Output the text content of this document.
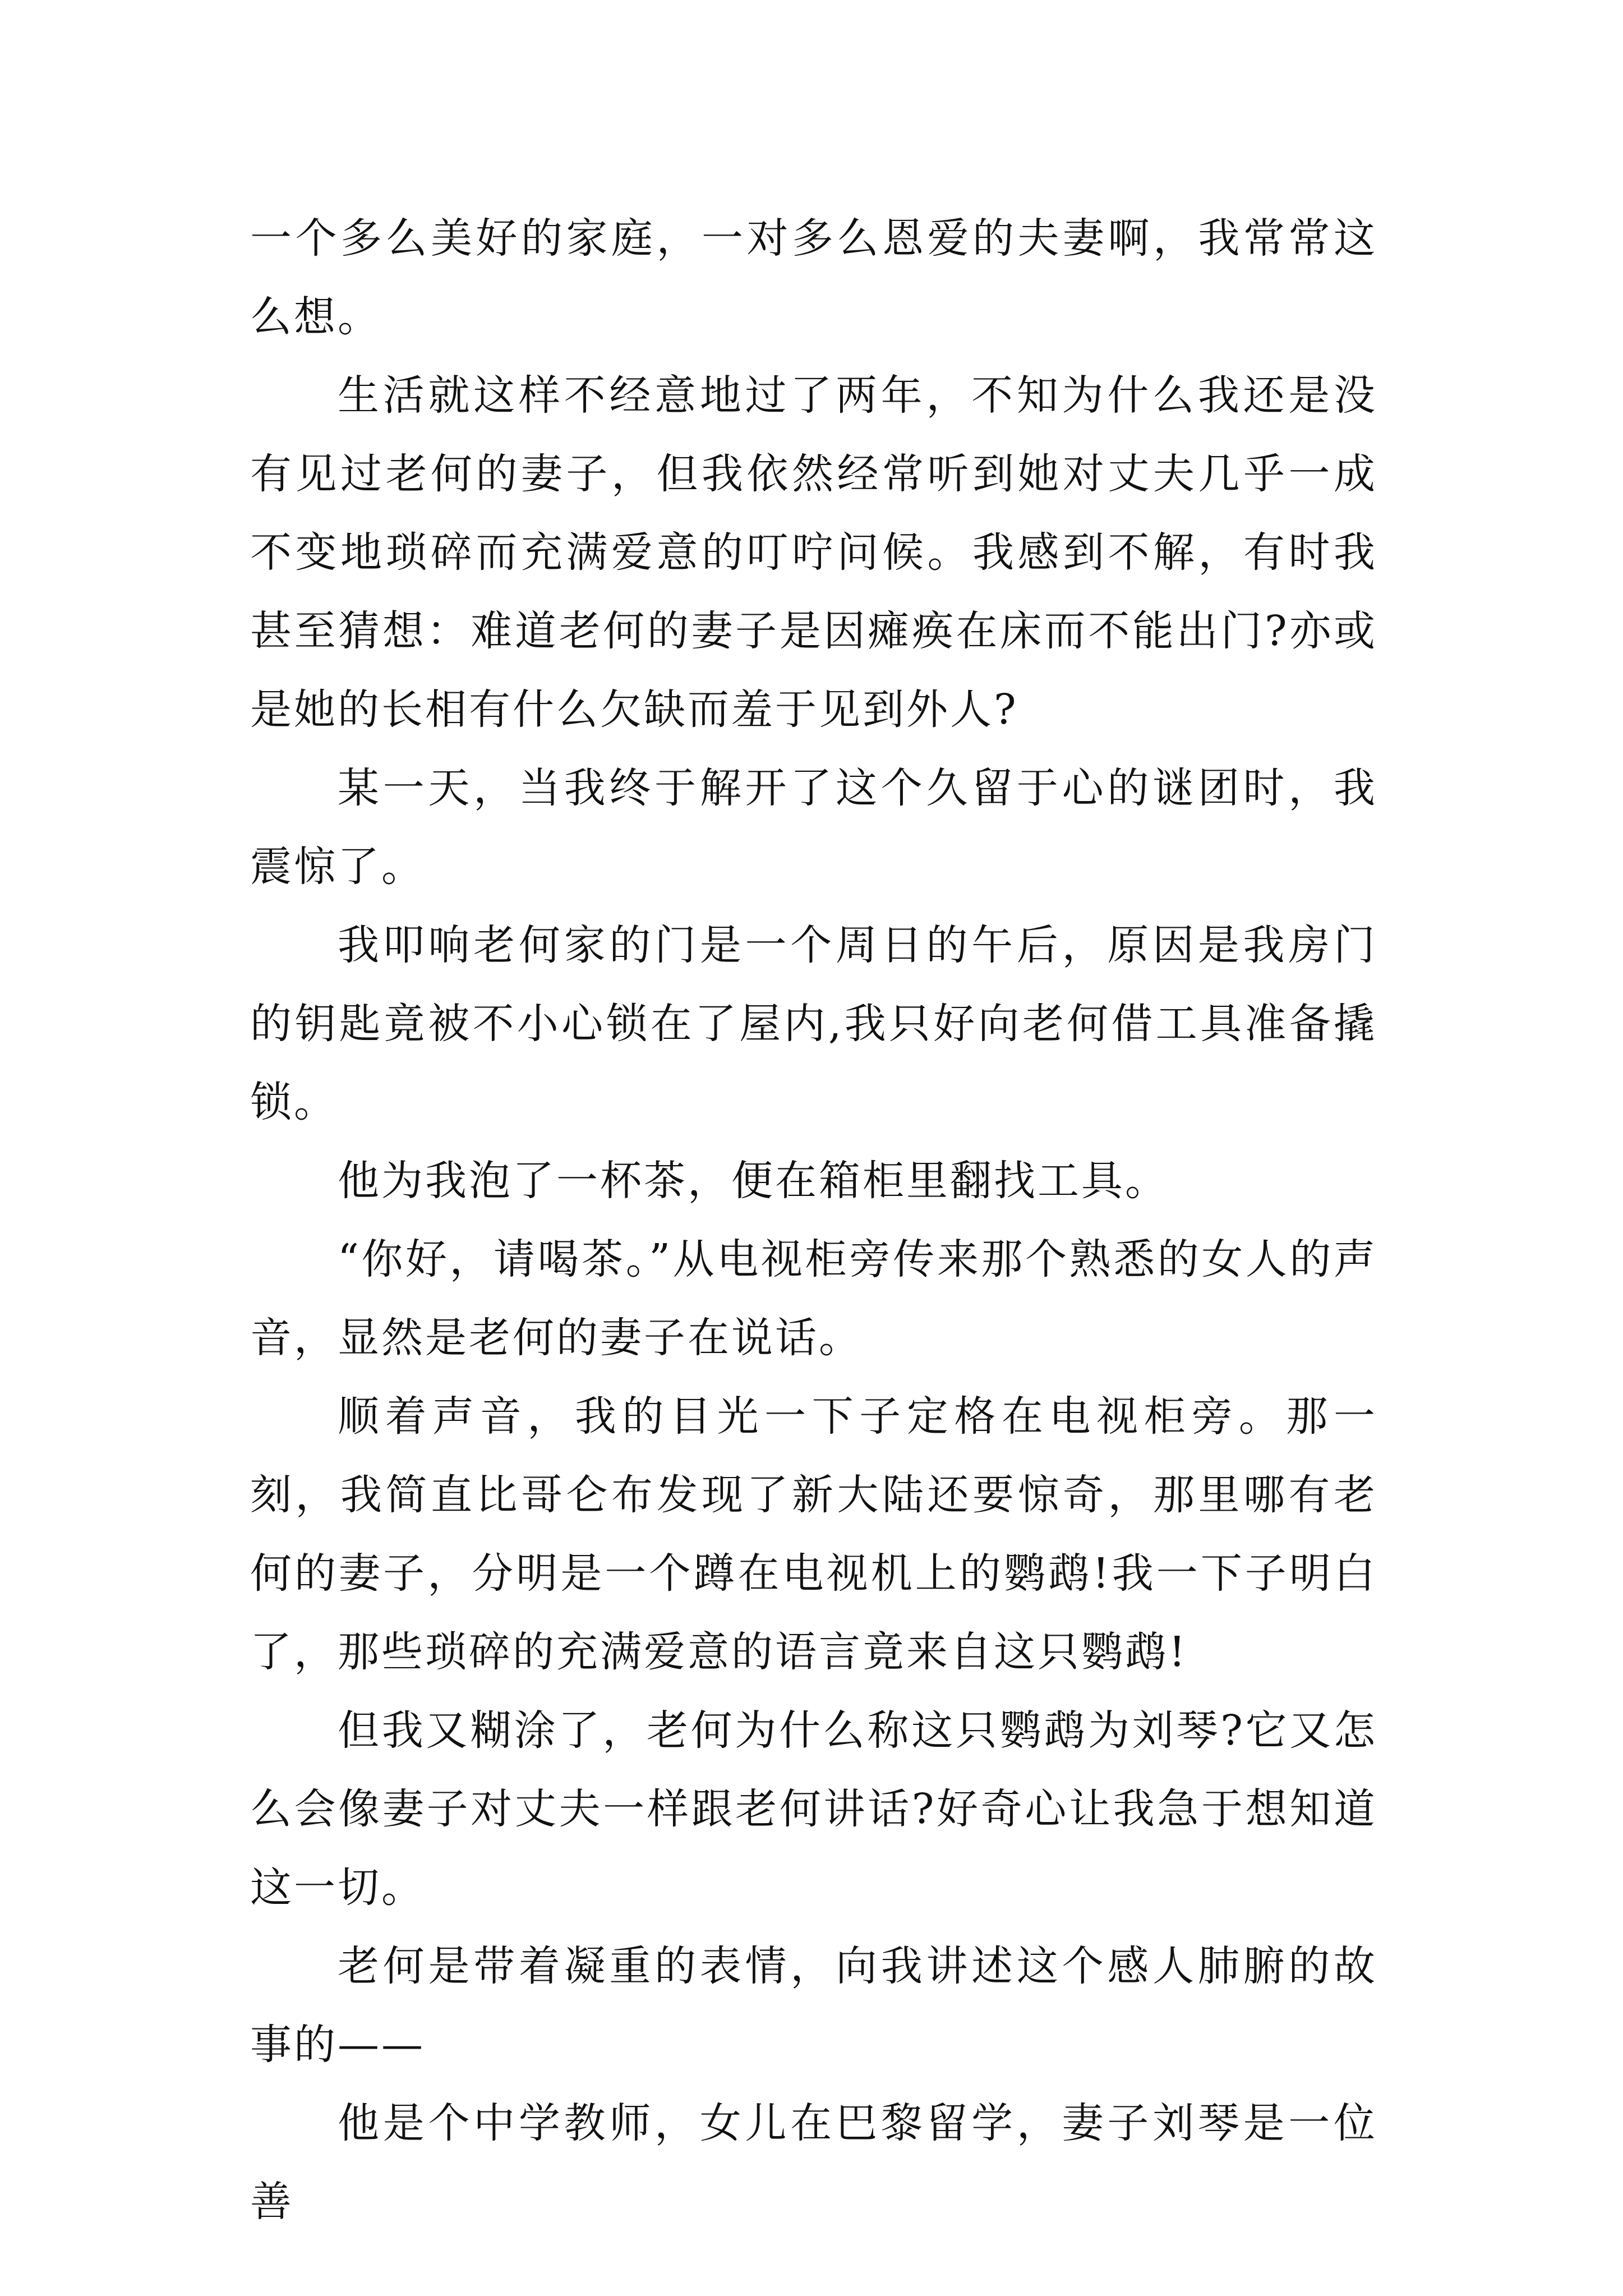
一个多么美好的家庭，一对多么恩爱的夫妻啊，我常常这么想。

生活就这样不经意地过了两年，不知为什么我还是没有见过老何的妻子，但我依然经常听到她对丈夫几乎一成不变地琐碎而充满爱意的叮咛问候。我感到不解，有时我甚至猜想：难道老何的妻子是因瘫痪在床而不能出门?亦或是她的长相有什么欠缺而羞于见到外人?

某一天，当我终于解开了这个久留于心的谜团时，我震惊了。

我叩响老何家的门是一个周日的午后，原因是我房门的钥匙竟被不小心锁在了屋内,我只好向老何借工具准备撬锁。

他为我泡了一杯茶，便在箱柜里翻找工具。

“你好，请喝茶。”从电视柜旁传来那个熟悉的女人的声音，显然是老何的妻子在说话。

顺着声音，我的目光一下子定格在电视柜旁。那一刻，我简直比哥仑布发现了新大陆还要惊奇，那里哪有老何的妻子，分明是一个蹲在电视机上的鹦鹉!我一下子明白了，那些琐碎的充满爱意的语言竟来自这只鹦鹉!

但我又糊涂了，老何为什么称这只鹦鹉为刘琴?它又怎么会像妻子对丈夫一样跟老何讲话?好奇心让我急于想知道这一切。

老何是带着凝重的表情，向我讲述这个感人肺腑的故事的——

他是个中学教师，女儿在巴黎留学，妻子刘琴是一位善
